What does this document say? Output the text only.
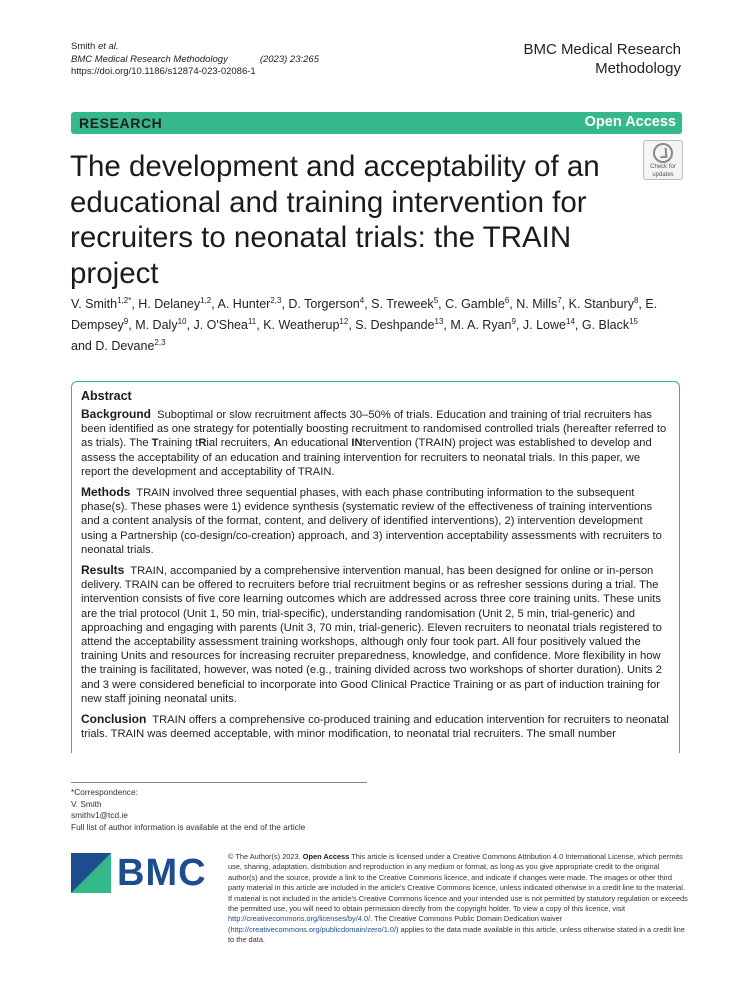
Smith et al.
BMC Medical Research Methodology	(2023) 23:265
https://doi.org/10.1186/s12874-023-02086-1
BMC Medical Research
Methodology
RESEARCH	Open Access
The development and acceptability of an educational and training intervention for recruiters to neonatal trials: the TRAIN project
Check for
updates
V. Smith$^{1,2*}$, H. Delaney$^{1,2}$, A. Hunter$^{2,3}$, D. Torgerson$^4$, S. Treweek$^5$, C. Gamble$^6$, N. Mills$^7$, K. Stanbury$^8$, E. Dempsey$^9$, M. Daly$^{10}$, J. O'Shea$^{11}$, K. Weatherup$^{12}$, S. Deshpande$^{13}$, M. A. Ryan$^9$, J. Lowe$^{14}$, G. Black$^{15}$ and D. Devane$^{2,3}$
Abstract

Background Suboptimal or slow recruitment affects 30–50% of trials. Education and training of trial recruiters has been identified as one strategy for potentially boosting recruitment to randomised controlled trials (hereafter referred to as trials). The Training tRial recruiters, An educational INtervention (TRAIN) project was established to develop and assess the acceptability of an education and training intervention for recruiters to neonatal trials. In this paper, we report the development and acceptability of TRAIN.

Methods TRAIN involved three sequential phases, with each phase contributing information to the subsequent phase(s). These phases were 1) evidence synthesis (systematic review of the effectiveness of training interventions and a content analysis of the format, content, and delivery of identified interventions), 2) intervention development using a Partnership (co-design/co-creation) approach, and 3) intervention acceptability assessments with recruiters to neonatal trials.

Results TRAIN, accompanied by a comprehensive intervention manual, has been designed for online or in-person delivery. TRAIN can be offered to recruiters before trial recruitment begins or as refresher sessions during a trial. The intervention consists of five core learning outcomes which are addressed across three core training units. These units are the trial protocol (Unit 1, 50 min, trial-specific), understanding randomisation (Unit 2, 5 min, trial-generic) and approaching and engaging with parents (Unit 3, 70 min, trial-generic). Eleven recruiters to neonatal trials registered to attend the acceptability assessment training workshops, although only four took part. All four positively valued the training Units and resources for increasing recruiter preparedness, knowledge, and confidence. More flexibility in how the training is facilitated, however, was noted (e.g., training divided across two workshops of shorter duration). Units 2 and 3 were considered beneficial to incorporate into Good Clinical Practice Training or as part of induction training for new staff joining neonatal units.

Conclusion TRAIN offers a comprehensive co-produced training and education intervention for recruiters to neonatal trials. TRAIN was deemed acceptable, with minor modification, to neonatal trial recruiters. The small number

*Correspondence:
V. Smith
smithv1@tcd.ie
Full list of author information is available at the end of the article
BMC	© The Author(s) 2023. Open Access This article is licensed under a Creative Commons Attribution 4.0 International License, which permits use, sharing, adaptation, distribution and reproduction in any medium or format, as long as you give appropriate credit to the original author(s) and the source, provide a link to the Creative Commons licence, and indicate if changes were made. The images or other third party material in this article are included in the article's Creative Commons licence, unless indicated otherwise in a credit line to the material. If material is not included in the article's Creative Commons licence and your intended use is not permitted by statutory regulation or exceeds the permitted use, you will need to obtain permission directly from the copyright holder. To view a copy of this licence, visit http://creativecommons.org/licenses/by/4.0/. The Creative Commons Public Domain Dedication waiver (http://creativecommons.org/publicdomain/zero/1.0/) applies to the data made available in this article, unless otherwise stated in a credit line to the data.
